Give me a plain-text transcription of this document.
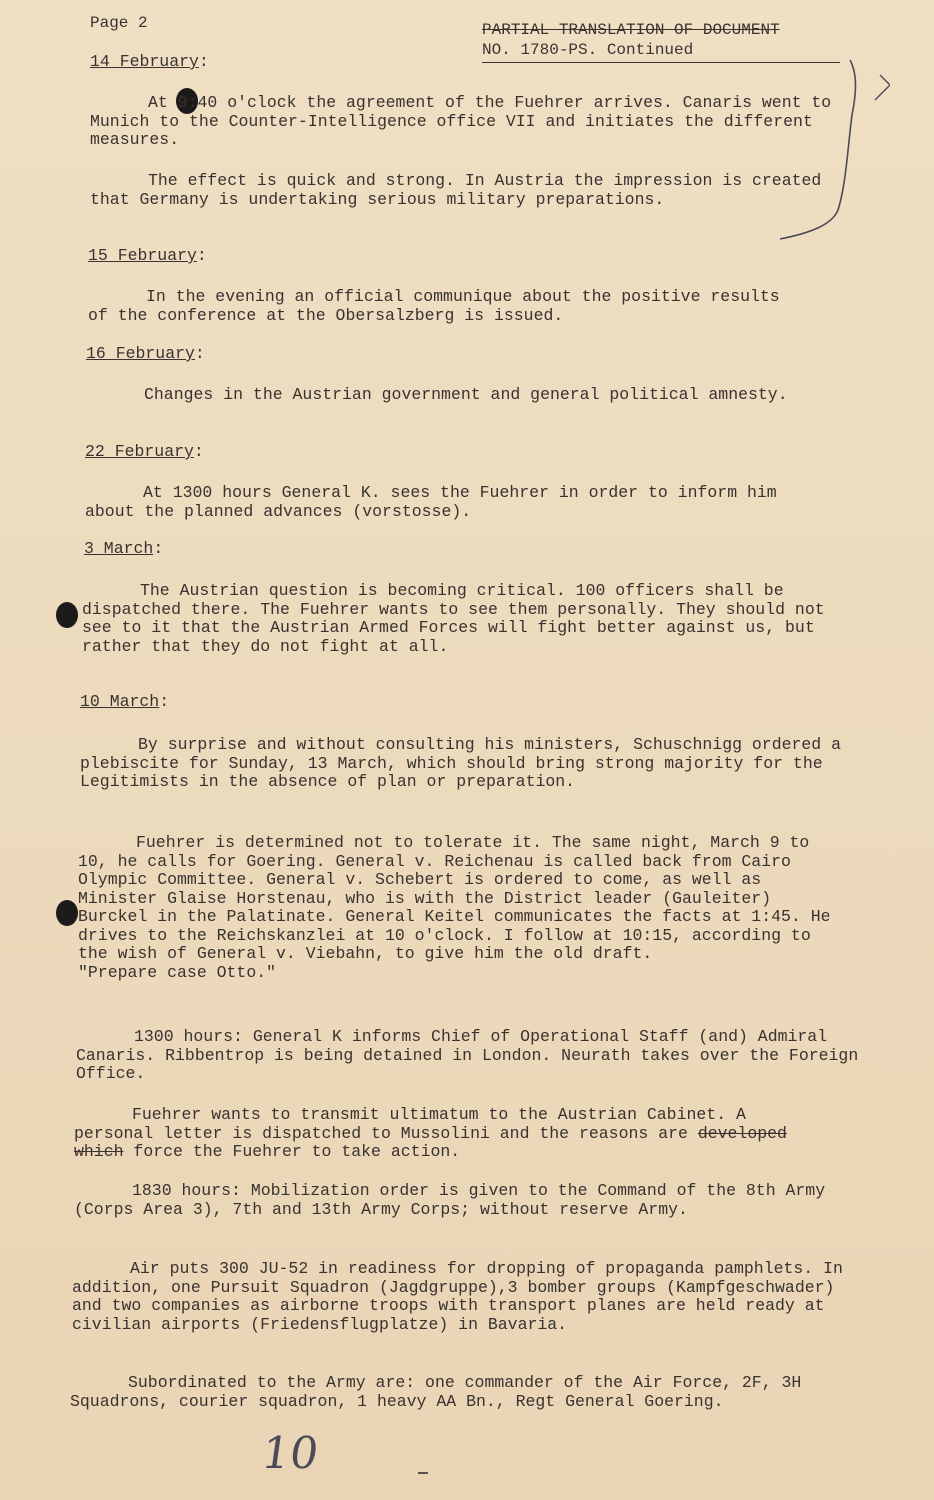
Page 2	PARTIAL TRANSLATION OF DOCUMENT
NO. 1780-PS. Continued
14 February:

At 9:40 o'clock the agreement of the Fuehrer arrives. Canaris went to Munich to the Counter-Intelligence office VII and initiates the different measures.

The effect is quick and strong. In Austria the impression is created that Germany is undertaking serious military preparations.

15 February:

In the evening an official communique about the positive results of the conference at the Obersalzberg is issued.

16 February:

Changes in the Austrian government and general political amnesty.

22 February:

At 1300 hours General K. sees the Fuehrer in order to inform him about the planned advances (vorstosse).

3 March:

The Austrian question is becoming critical. 100 officers shall be dispatched there. The Fuehrer wants to see them personally. They should not see to it that the Austrian Armed Forces will fight better against us, but rather that they do not fight at all.

10 March:

By surprise and without consulting his ministers, Schuschnigg ordered a plebiscite for Sunday, 13 March, which should bring strong majority for the Legitimists in the absence of plan or preparation.

Fuehrer is determined not to tolerate it. The same night, March 9 to 10, he calls for Goering. General v. Reichenau is called back from Cairo Olympic Committee. General v. Schebert is ordered to come, as well as Minister Glaise Horstenau, who is with the District leader (Gauleiter) Burckel in the Palatinate. General Keitel communicates the facts at 1:45. He drives to the Reichskanzlei at 10 o'clock. I follow at 10:15, according to the wish of General v. Viebahn, to give him the old draft.

"Prepare case Otto."

1300 hours: General K informs Chief of Operational Staff (and) Admiral Canaris. Ribbentrop is being detained in London. Neurath takes over the Foreign Office.

Fuehrer wants to transmit ultimatum to the Austrian Cabinet. A personal letter is dispatched to Mussolini and the reasons are developed which force the Fuehrer to take action.

1830 hours: Mobilization order is given to the Command of the 8th Army (Corps Area 3), 7th and 13th Army Corps; without reserve Army.

Air puts 300 JU-52 in readiness for dropping of propaganda pamphlets. In addition, one Pursuit Squadron (Jagdgruppe),3 bomber groups (Kampfgeschwader) and two companies as airborne troops with transport planes are held ready at civilian airports (Friedensflugplatze) in Bavaria.

Subordinated to the Army are: one commander of the Air Force, 2F, 3H Squadrons, courier squadron, 1 heavy AA Bn., Regt General Goering.

10
